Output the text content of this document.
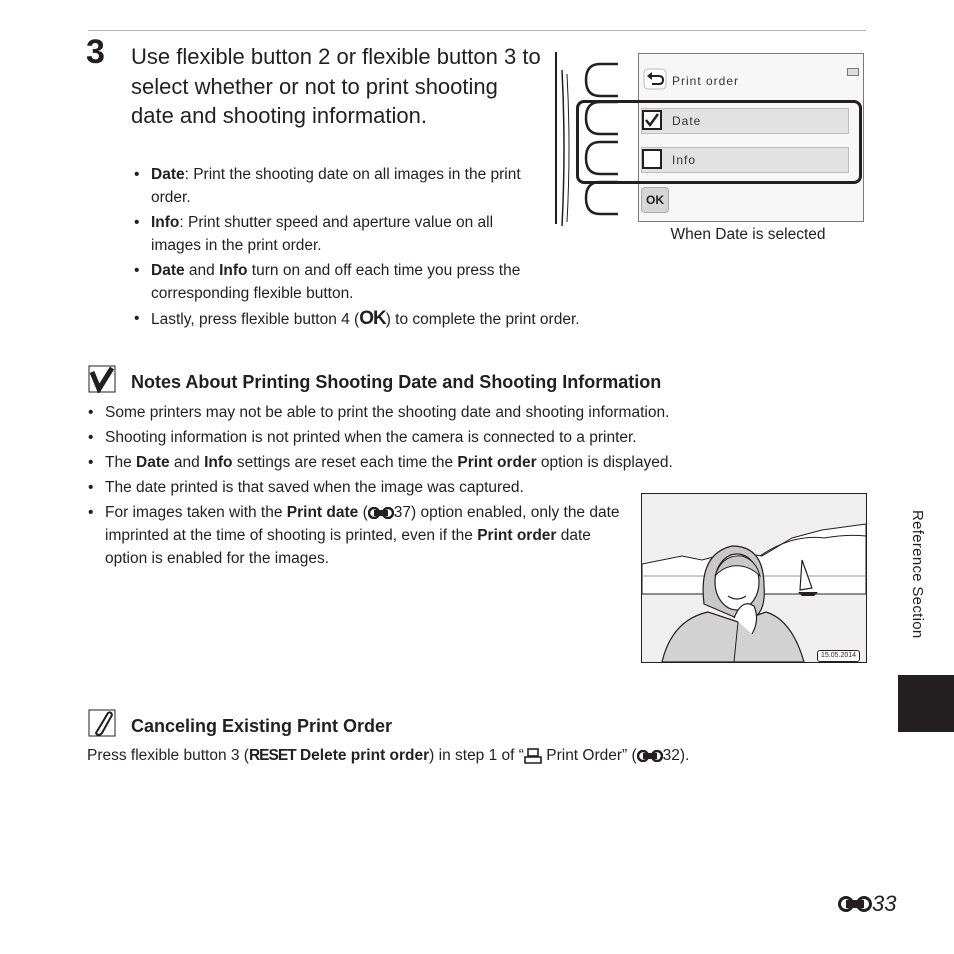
3 Use flexible button 2 or flexible button 3 to select whether or not to print shooting date and shooting information.
• Date: Print the shooting date on all images in the print order.
• Info: Print shutter speed and aperture value on all images in the print order.
• Date and Info turn on and off each time you press the corresponding flexible button.
• Lastly, press flexible button 4 (OK) to complete the print order.
Print order
Date
Info
OK
When Date is selected
Notes About Printing Shooting Date and Shooting Information
• Some printers may not be able to print the shooting date and shooting information.
• Shooting information is not printed when the camera is connected to a printer.
• The Date and Info settings are reset each time the Print order option is displayed.
• The date printed is that saved when the image was captured.
• For images taken with the Print date ( 37) option enabled, only the date imprinted at the time of shooting is printed, even if the Print order date option is enabled for the images.
15.05.2014
Canceling Existing Print Order
Press flexible button 3 (RESET Delete print order) in step 1 of “ Print Order” ( 32).
Reference Section
33
